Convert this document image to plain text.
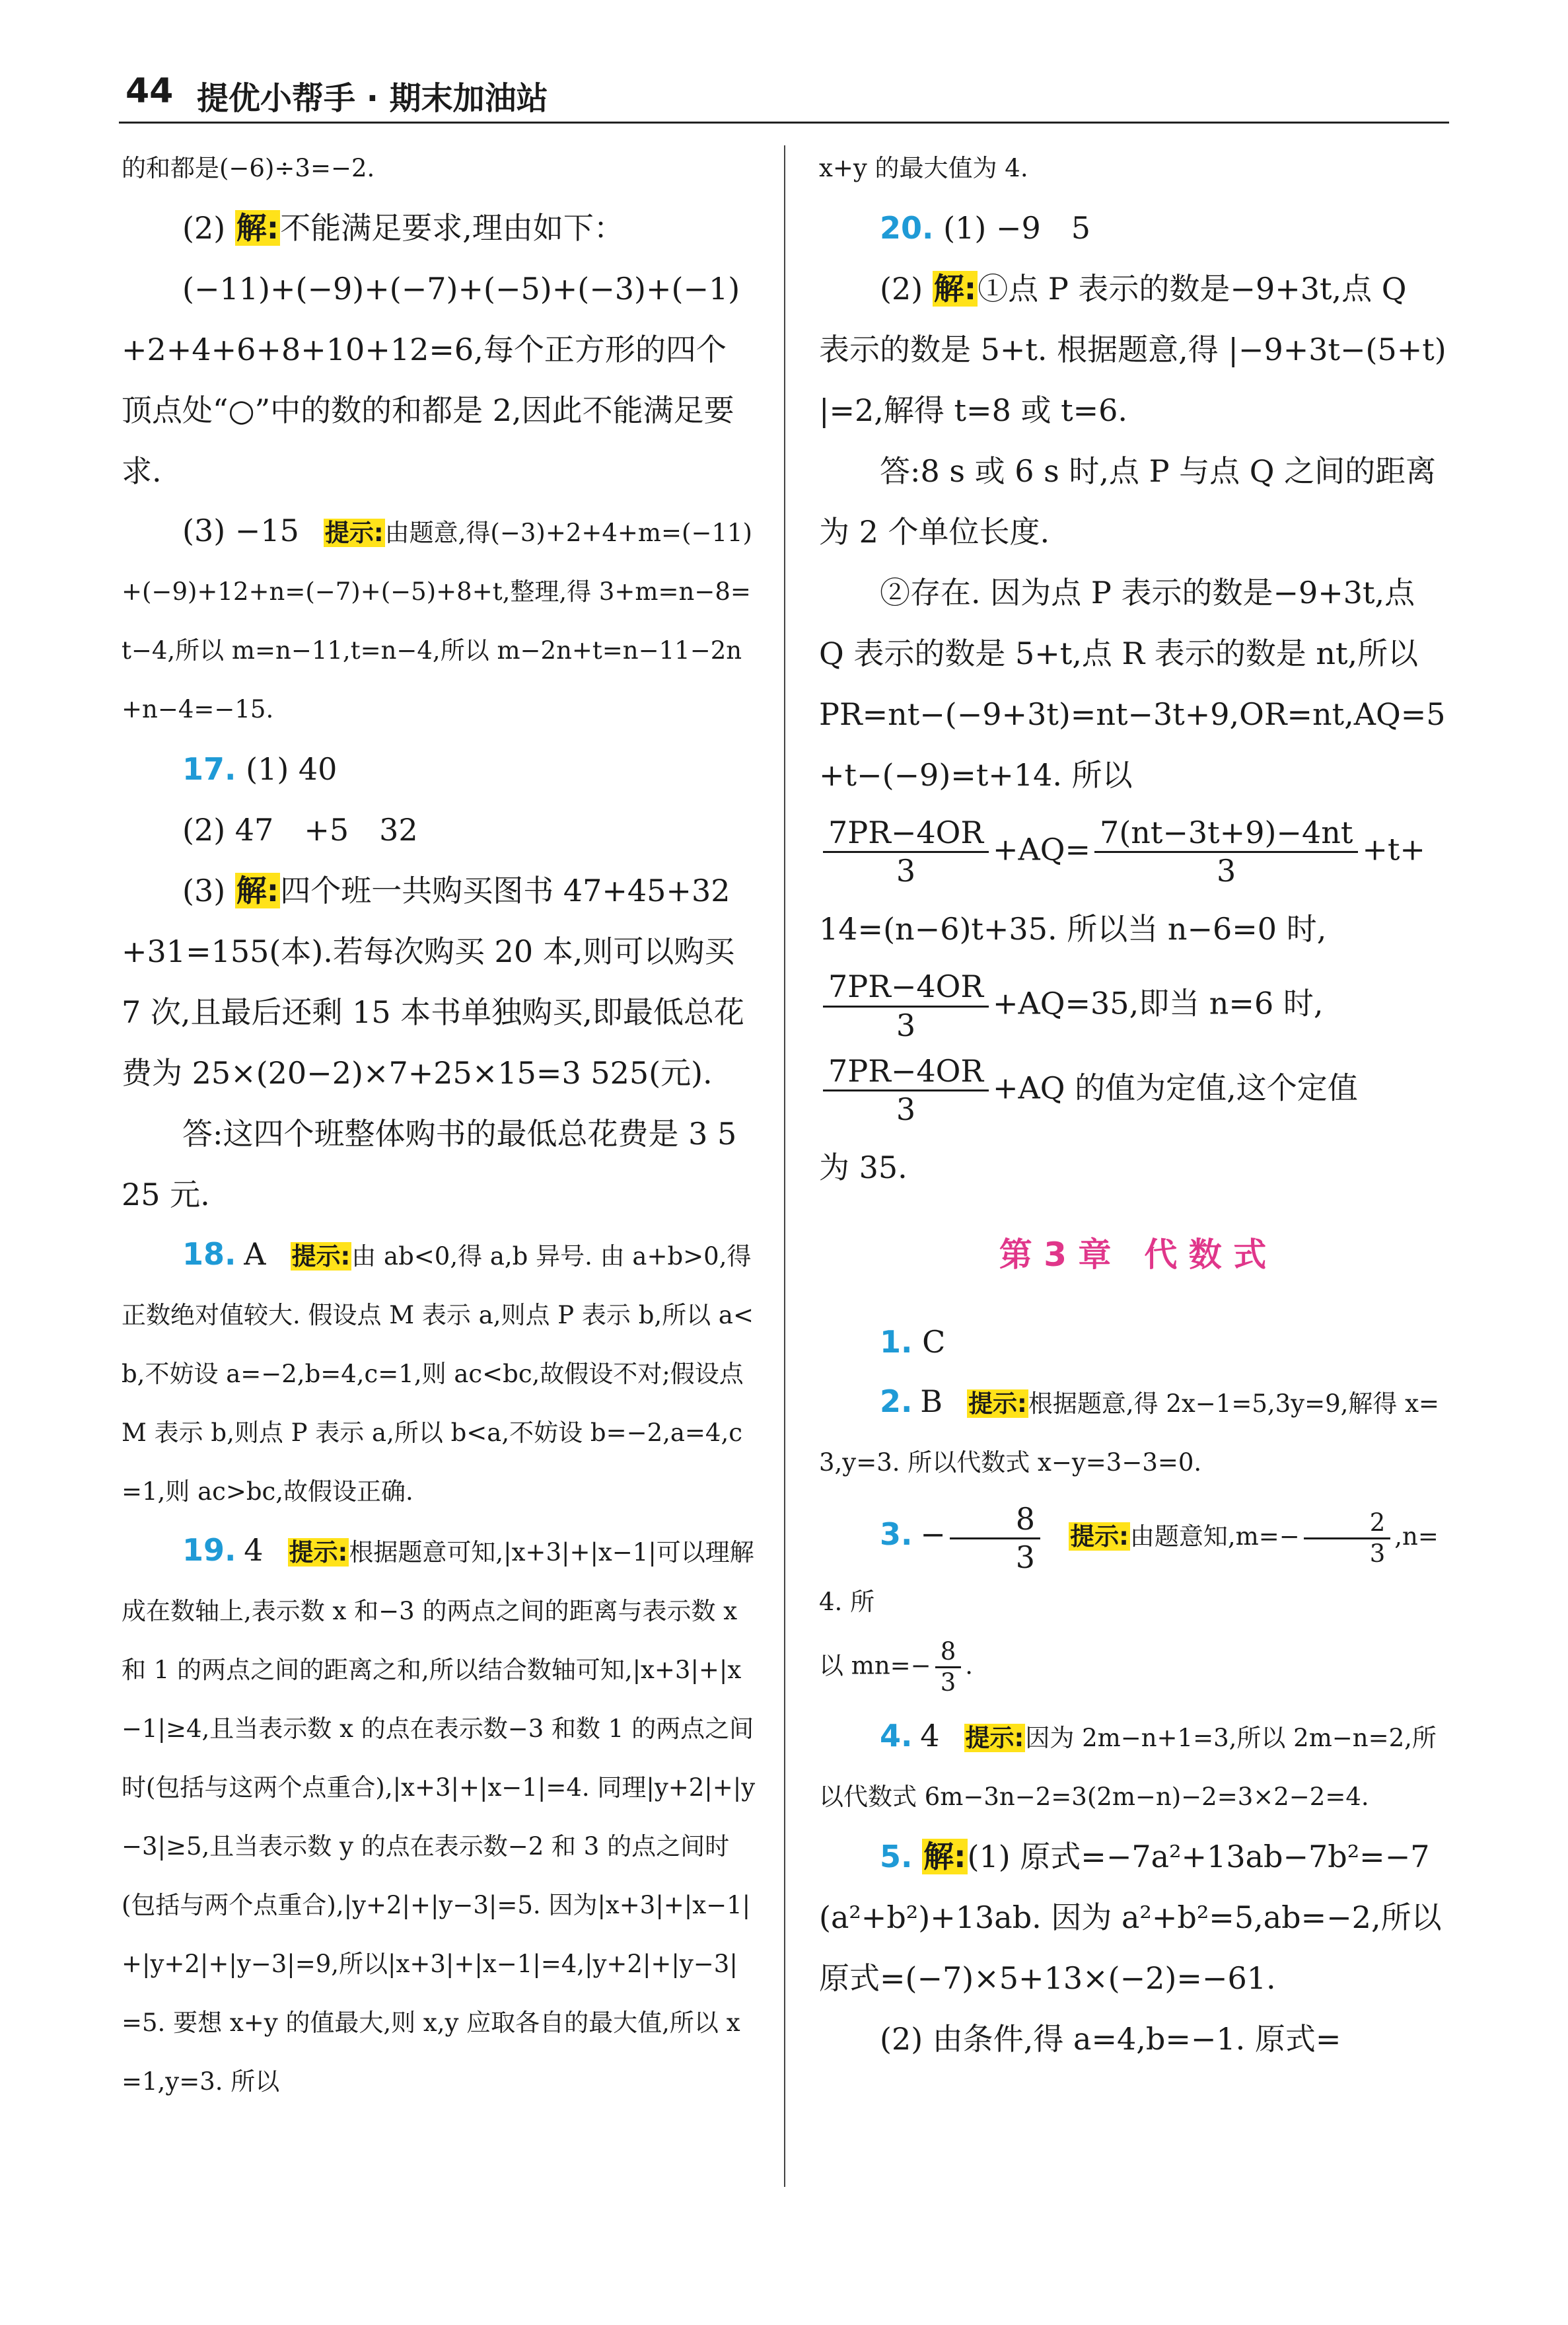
44 提优小帮手 · 期末加油站

的和都是(−6)÷3=−2.

(2) 解:不能满足要求,理由如下：

(−11)+(−9)+(−7)+(−5)+(−3)+(−1)+2+4+6+8+10+12=6,每个正方形的四个顶点处“○”中的数的和都是 2,因此不能满足要求.

(3) −15　 提示:由题意,得(−3)+2+4+m=(−11)+(−9)+12+n=(−7)+(−5)+8+t,整理,得 3+m=n−8=t−4,所以 m=n−11,t=n−4,所以 m−2n+t=n−11−2n+n−4=−15.

17. (1) 40

(2) 47　+5　32

(3) 解:四个班一共购买图书 47+45+32+31=155(本).若每次购买 20 本,则可以购买 7 次,且最后还剩 15 本书单独购买,即最低总花费为 25×(20−2)×7+25×15=3 525(元).

答:这四个班整体购书的最低总花费是 3 525 元.

18. A　 提示:由 ab<0,得 a,b 异号. 由 a+b>0,得正数绝对值较大. 假设点 M 表示 a,则点 P 表示 b,所以 a<b,不妨设 a=−2,b=4,c=1,则 ac<bc,故假设不对;假设点 M 表示 b,则点 P 表示 a,所以 b<a,不妨设 b=−2,a=4,c=1,则 ac>bc,故假设正确.

19. 4　 提示:根据题意可知,|x+3|+|x−1|可以理解成在数轴上,表示数 x 和−3 的两点之间的距离与表示数 x 和 1 的两点之间的距离之和,所以结合数轴可知,|x+3|+|x−1|≥4,且当表示数 x 的点在表示数−3 和数 1 的两点之间时(包括与这两个点重合),|x+3|+|x−1|=4. 同理|y+2|+|y−3|≥5,且当表示数 y 的点在表示数−2 和 3 的点之间时(包括与两个点重合),|y+2|+|y−3|=5. 因为|x+3|+|x−1|+|y+2|+|y−3|=9,所以|x+3|+|x−1|=4,|y+2|+|y−3|=5. 要想 x+y 的值最大,则 x,y 应取各自的最大值,所以 x=1,y=3. 所以

x+y 的最大值为 4.

20. (1) −9　5

(2) 解:①点 P 表示的数是−9+3t,点 Q 表示的数是 5+t. 根据题意,得 |−9+3t−(5+t)|=2,解得 t=8 或 t=6.

答:8 s 或 6 s 时,点 P 与点 Q 之间的距离为 2 个单位长度.

②存在. 因为点 P 表示的数是−9+3t,点 Q 表示的数是 5+t,点 R 表示的数是 nt,所以 PR=nt−(−9+3t)=nt−3t+9,OR=nt,AQ=5+t−(−9)=t+14. 所以

$\frac{7PR-4OR}{3} +AQ= \frac{7(nt-3t+9)-4nt}{3} +t+$

14=(n−6)t+35. 所以当 n−6=0 时,

$\frac{7PR-4OR}{3} +AQ=35$,即当 n=6 时,

$\frac{7PR-4OR}{3} +AQ$ 的值为定值,这个定值

为 35.

第 3 章　代 数 式

1. C

2. B　 提示:根据题意,得 2x−1=5,3y=9,解得 x=3,y=3. 所以代数式 x−y=3−3=0.

3. − $\frac{8}{3}$
　 提示:由题意知$,m=- \frac{2}{3} ,n=4$. 所

以 $mn=- \frac{8}{3}$ .

4. 4　 提示:因为 2m−n+1=3,所以 2m−n=2,所以代数式 6m−3n−2=3(2m−n)−2=3×2−2=4.

5. 解:(1) 原式=−7a²+13ab−7b²=−7(a²+b²)+13ab. 因为 a²+b²=5,ab=−2,所以原式=(−7)×5+13×(−2)=−61.

(2) 由条件,得 a=4,b=−1. 原式=
